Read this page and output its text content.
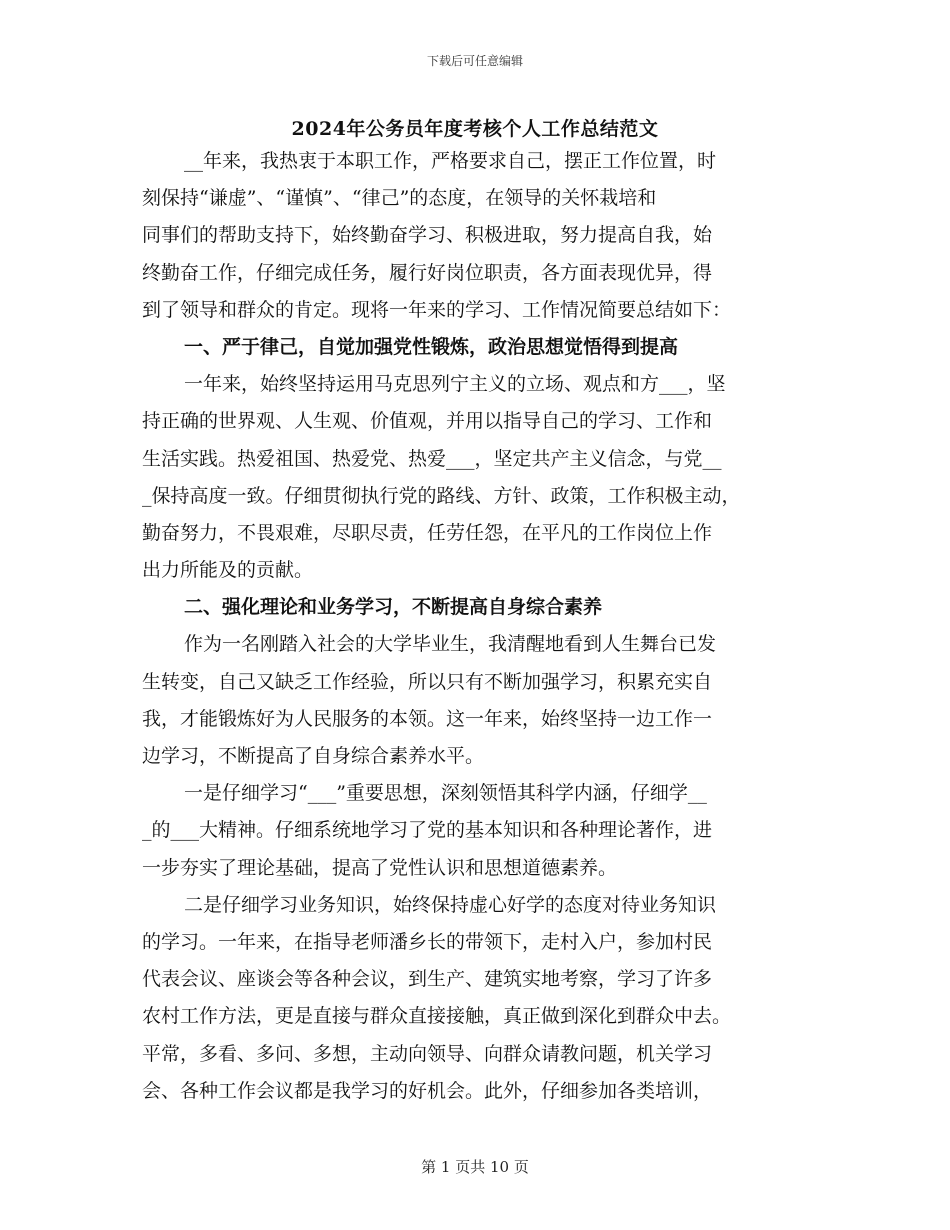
下载后可任意编辑
2024年公务员年度考核个人工作总结范文
__年来，我热衷于本职工作，严格要求自己，摆正工作位置，时
刻保持“谦虚”、“谨慎”、“律己”的态度，在领导的关怀栽培和
同事们的帮助支持下，始终勤奋学习、积极进取，努力提高自我，始
终勤奋工作，仔细完成任务，履行好岗位职责，各方面表现优异，得
到了领导和群众的肯定。现将一年来的学习、工作情况简要总结如下：
一、严于律己，自觉加强党性锻炼，政治思想觉悟得到提高
一年来，始终坚持运用马克思列宁主义的立场、观点和方___，坚
持正确的世界观、人生观、价值观，并用以指导自己的学习、工作和
生活实践。热爱祖国、热爱党、热爱___，坚定共产主义信念，与党__
_保持高度一致。仔细贯彻执行党的路线、方针、政策，工作积极主动，
勤奋努力，不畏艰难，尽职尽责，任劳任怨，在平凡的工作岗位上作
出力所能及的贡献。
二、强化理论和业务学习，不断提高自身综合素养
作为一名刚踏入社会的大学毕业生，我清醒地看到人生舞台已发
生转变，自己又缺乏工作经验，所以只有不断加强学习，积累充实自
我，才能锻炼好为人民服务的本领。这一年来，始终坚持一边工作一
边学习，不断提高了自身综合素养水平。
一是仔细学习“___”重要思想，深刻领悟其科学内涵，仔细学__
_的___大精神。仔细系统地学习了党的基本知识和各种理论著作，进
一步夯实了理论基础，提高了党性认识和思想道德素养。
二是仔细学习业务知识，始终保持虚心好学的态度对待业务知识
的学习。一年来，在指导老师潘乡长的带领下，走村入户，参加村民
代表会议、座谈会等各种会议，到生产、建筑实地考察，学习了许多
农村工作方法，更是直接与群众直接接触，真正做到深化到群众中去。
平常，多看、多问、多想，主动向领导、向群众请教问题，机关学习
会、各种工作会议都是我学习的好机会。此外，仔细参加各类培训，
第 1 页共 10 页
